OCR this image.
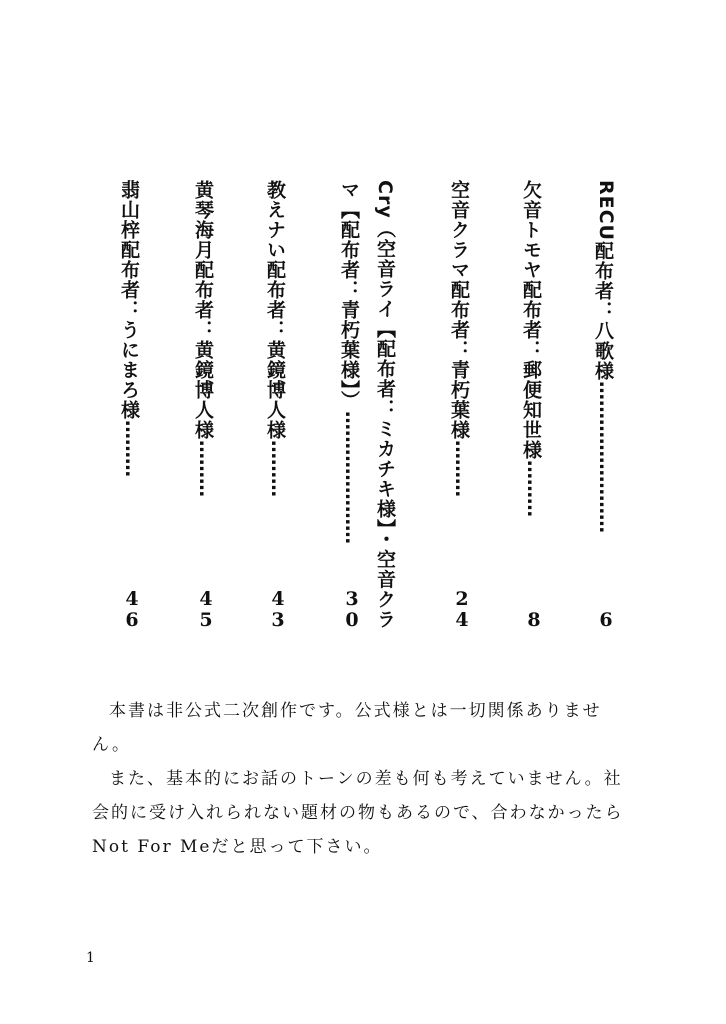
RECU
配布者：八歌様
……………………
6
欠音トモヤ
配布者：郵便知世様
………
8
空音クラマ
配布者：青朽葉様
………
24
Cry（空音ライ
【配布者：ミカチキ様】・空音クラ
マ【配布者：青朽葉様】）
…………………
30
教えナい
配布者：黄鏡博人様
………
43
黄琴海月
配布者：黄鏡博人様
………
45
翡山梓
配布者：うにまろ様
………
46

本書は非公式二次創作です。公式様とは一切関係ありません。

また、基本的にお話のトーンの差も何も考えていません。社会的に受け入れられない題材の物もあるので、合わなかったらNot For Meだと思って下さい。

1
